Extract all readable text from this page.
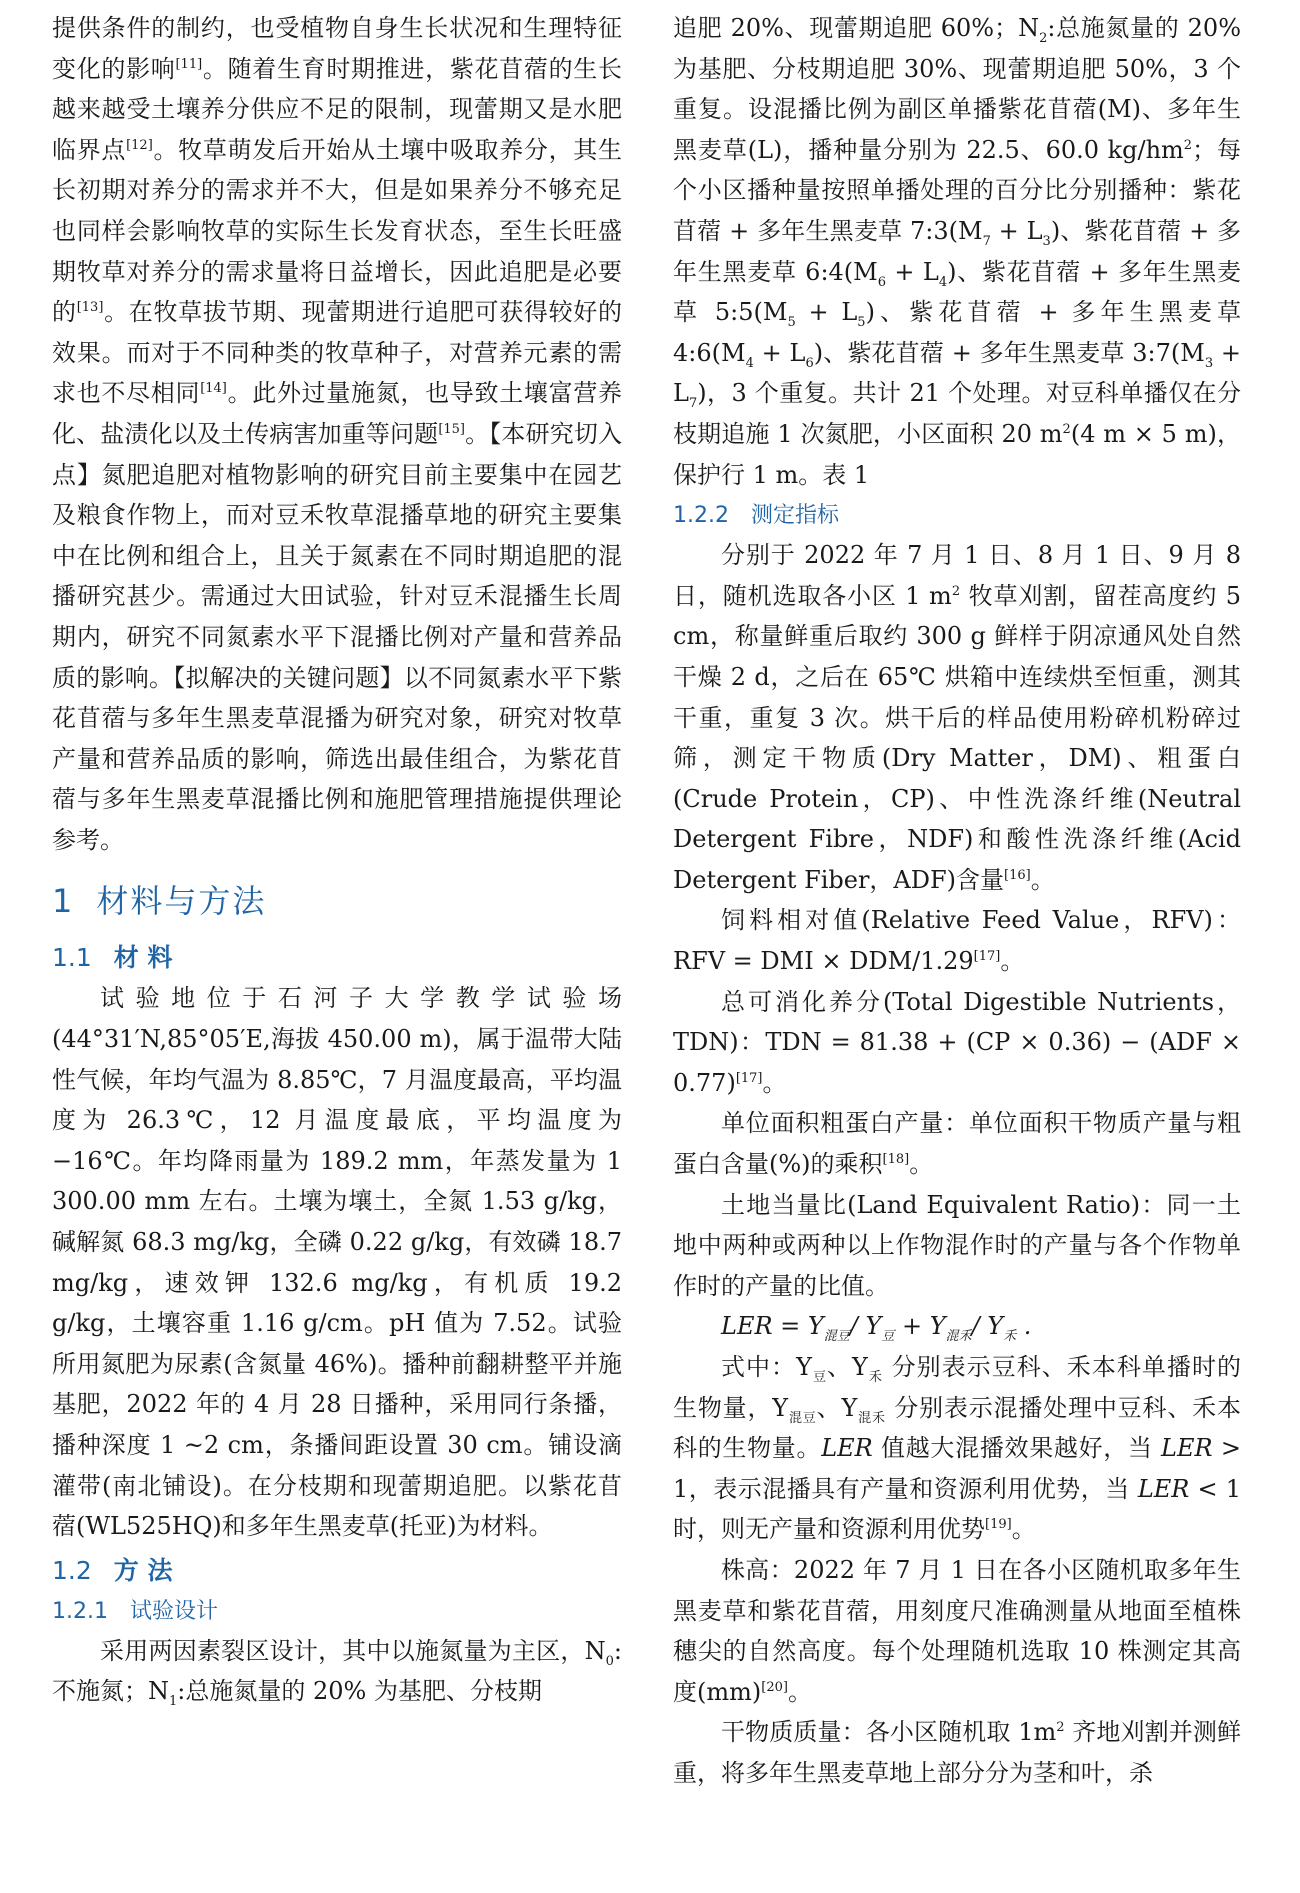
提供条件的制约，也受植物自身生长状况和生理特征变化的影响[11]。随着生育时期推进，紫花苜蓿的生长越来越受土壤养分供应不足的限制，现蕾期又是水肥临界点[12]。牧草萌发后开始从土壤中吸取养分，其生长初期对养分的需求并不大，但是如果养分不够充足也同样会影响牧草的实际生长发育状态，至生长旺盛期牧草对养分的需求量将日益增长，因此追肥是必要的[13]。在牧草拔节期、现蕾期进行追肥可获得较好的效果。而对于不同种类的牧草种子，对营养元素的需求也不尽相同[14]。此外过量施氮，也导致土壤富营养化、盐渍化以及土传病害加重等问题[15]。【本研究切入点】氮肥追肥对植物影响的研究目前主要集中在园艺及粮食作物上，而对豆禾牧草混播草地的研究主要集中在比例和组合上，且关于氮素在不同时期追肥的混播研究甚少。需通过大田试验，针对豆禾混播生长周期内，研究不同氮素水平下混播比例对产量和营养品质的影响。【拟解决的关键问题】以不同氮素水平下紫花苜蓿与多年生黑麦草混播为研究对象，研究对牧草产量和营养品质的影响，筛选出最佳组合，为紫花苜蓿与多年生黑麦草混播比例和施肥管理措施提供理论参考。

1 材料与方法
1.1 材 料

试验地位于石河子大学教学试验场(44°31′N,85°05′E,海拔 450.00 m)，属于温带大陆性气候，年均气温为 8.85℃，7 月温度最高，平均温度为 26.3℃，12 月温度最底，平均温度为 −16℃。年均降雨量为 189.2 mm，年蒸发量为 1 300.00 mm 左右。土壤为壤土，全氮 1.53 g/kg，碱解氮 68.3 mg/kg，全磷 0.22 g/kg，有效磷 18.7 mg/kg，速效钾 132.6 mg/kg，有机质 19.2 g/kg，土壤容重 1.16 g/cm。pH 值为 7.52。试验所用氮肥为尿素(含氮量 46%)。播种前翻耕整平并施基肥，2022 年的 4 月 28 日播种，采用同行条播，播种深度 1 ~2 cm，条播间距设置 30 cm。铺设滴灌带(南北铺设)。在分枝期和现蕾期追肥。以紫花苜蓿(WL525HQ)和多年生黑麦草(托亚)为材料。

1.2 方 法
1.2.1 试验设计

采用两因素裂区设计，其中以施氮量为主区，$N_0$:不施氮；$N_1$:总施氮量的 20% 为基肥、分枝期

追肥 20%、现蕾期追肥 60%；$N_2$:总施氮量的 20% 为基肥、分枝期追肥 30%、现蕾期追肥 50%，3 个重复。设混播比例为副区单播紫花苜蓿(M)、多年生黑麦草(L)，播种量分别为 22.5、60.0 $kg/hm^2$；每个小区播种量按照单播处理的百分比分别播种：紫花苜蓿 + 多年生黑麦草 $7:3(M_7 + L_3)$、紫花苜蓿 + 多年生黑麦草 $6:4(M_6 + L_4)$、紫花苜蓿 + 多年生黑麦草 $5:5(M_5 + L_5)$、紫花苜蓿 + 多年生黑麦草 $4:6(M_4 + L_6)$、紫花苜蓿 + 多年生黑麦草 $3:7(M_3 + L_7)$，3 个重复。共计 21 个处理。对豆科单播仅在分枝期追施 1 次氮肥，小区面积 20 $m^2(4$ m × 5 m)，保护行 1 m。表 1

1.2.2 测定指标

分别于 2022 年 7 月 1 日、8 月 1 日、9 月 8 日，随机选取各小区 1 $m^2$ 牧草刈割，留茬高度约 5 cm，称量鲜重后取约 300 g 鲜样于阴凉通风处自然干燥 2 d，之后在 65℃ 烘箱中连续烘至恒重，测其干重，重复 3 次。烘干后的样品使用粉碎机粉碎过筛，测定干物质(Dry Matter，DM)、粗蛋白(Crude Protein，CP)、中性洗涤纤维(Neutral Detergent Fibre，NDF)和酸性洗涤纤维(Acid Detergent Fiber，ADF)含量[16]。

饲料相对值(Relative Feed Value，RFV)：RFV = DMI × DDM/1.29[17]。

总可消化养分(Total Digestible Nutrients，TDN)：TDN = 81.38 + (CP × 0.36) − (ADF × 0.77)[17]。

单位面积粗蛋白产量：单位面积干物质产量与粗蛋白含量(%)的乘积[18]。

土地当量比(Land Equivalent Ratio)：同一土地中两种或两种以上作物混作时的产量与各个作物单作时的产量的比值。

LER = $Y_{混豆}/$ $Y_豆 + Y_{混禾}/$ $Y_禾$ .

式中：$Y_豆$、$Y_禾$ 分别表示豆科、禾本科单播时的生物量，$Y_{混豆}$、$Y_{混禾}$ 分别表示混播处理中豆科、禾本科的生物量。LER 值越大混播效果越好，当 LER > 1，表示混播具有产量和资源利用优势，当 LER < 1 时，则无产量和资源利用优势[19]。

株高：2022 年 7 月 1 日在各小区随机取多年生黑麦草和紫花苜蓿，用刻度尺准确测量从地面至植株穗尖的自然高度。每个处理随机选取 10 株测定其高度(mm)[20]。

干物质质量：各小区随机取 $1m^2$ 齐地刈割并测鲜重，将多年生黑麦草地上部分分为茎和叶，杀
